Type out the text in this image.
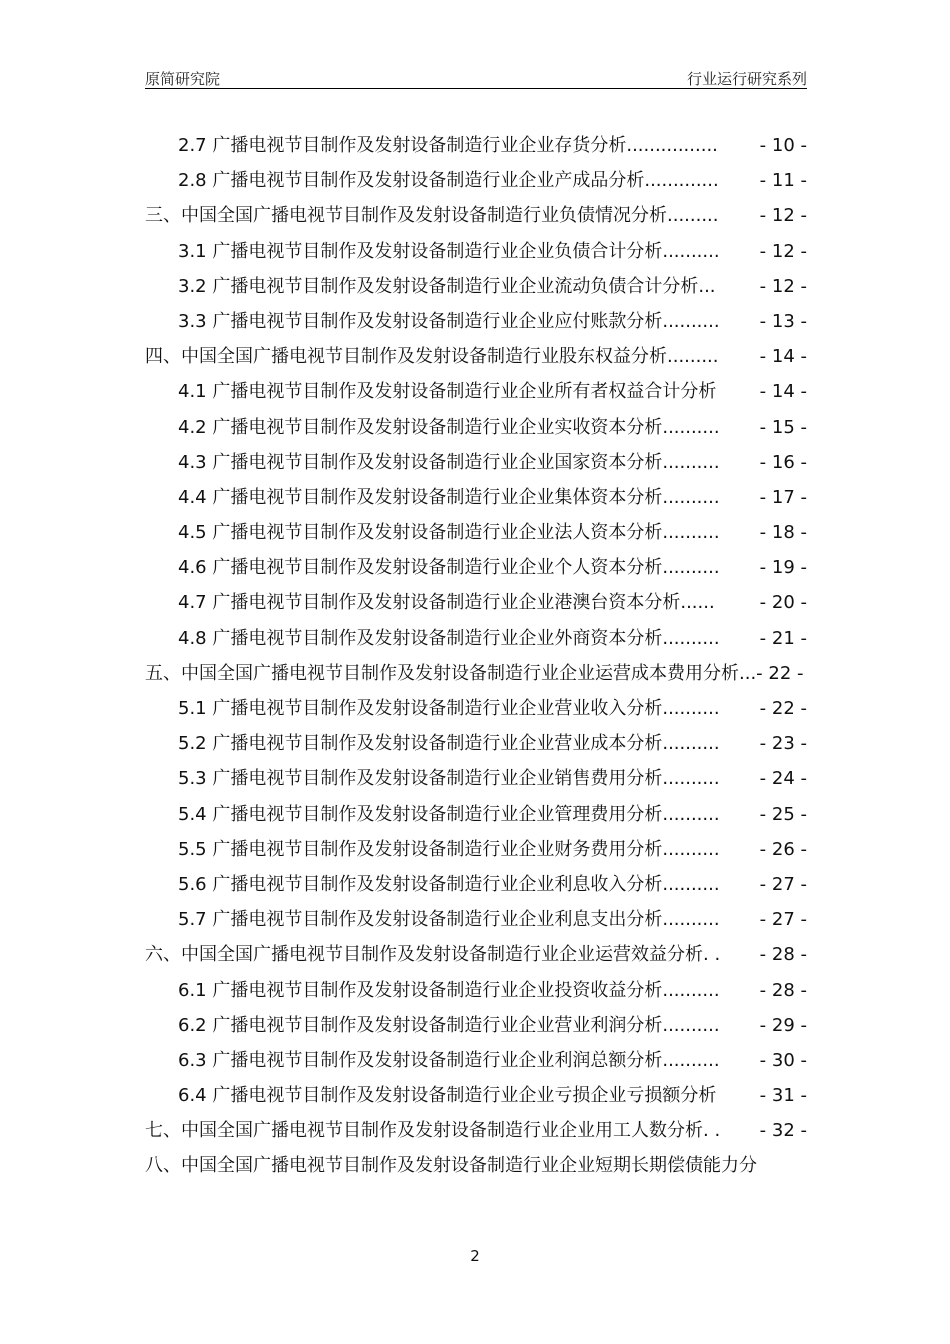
原简研究院	行业运行研究系列
2.7 广播电视节目制作及发射设备制造行业企业存货分析................ - 10 -
2.8 广播电视节目制作及发射设备制造行业企业产成品分析............. - 11 -
三、中国全国广播电视节目制作及发射设备制造行业负债情况分析......... - 12 -
3.1 广播电视节目制作及发射设备制造行业企业负债合计分析.......... - 12 -
3.2 广播电视节目制作及发射设备制造行业企业流动负债合计分析... - 12 -
3.3 广播电视节目制作及发射设备制造行业企业应付账款分析.......... - 13 -
四、中国全国广播电视节目制作及发射设备制造行业股东权益分析......... - 14 -
4.1 广播电视节目制作及发射设备制造行业企业所有者权益合计分析 - 14 -
4.2 广播电视节目制作及发射设备制造行业企业实收资本分析.......... - 15 -
4.3 广播电视节目制作及发射设备制造行业企业国家资本分析.......... - 16 -
4.4 广播电视节目制作及发射设备制造行业企业集体资本分析.......... - 17 -
4.5 广播电视节目制作及发射设备制造行业企业法人资本分析.......... - 18 -
4.6 广播电视节目制作及发射设备制造行业企业个人资本分析.......... - 19 -
4.7 广播电视节目制作及发射设备制造行业企业港澳台资本分析...... - 20 -
4.8 广播电视节目制作及发射设备制造行业企业外商资本分析.......... - 21 -
五、中国全国广播电视节目制作及发射设备制造行业企业运营成本费用分析...- 22 -
5.1 广播电视节目制作及发射设备制造行业企业营业收入分析.......... - 22 -
5.2 广播电视节目制作及发射设备制造行业企业营业成本分析.......... - 23 -
5.3 广播电视节目制作及发射设备制造行业企业销售费用分析.......... - 24 -
5.4 广播电视节目制作及发射设备制造行业企业管理费用分析.......... - 25 -
5.5 广播电视节目制作及发射设备制造行业企业财务费用分析.......... - 26 -
5.6 广播电视节目制作及发射设备制造行业企业利息收入分析.......... - 27 -
5.7 广播电视节目制作及发射设备制造行业企业利息支出分析.......... - 27 -
六、中国全国广播电视节目制作及发射设备制造行业企业运营效益分析. . - 28 -
6.1 广播电视节目制作及发射设备制造行业企业投资收益分析.......... - 28 -
6.2 广播电视节目制作及发射设备制造行业企业营业利润分析.......... - 29 -
6.3 广播电视节目制作及发射设备制造行业企业利润总额分析.......... - 30 -
6.4 广播电视节目制作及发射设备制造行业企业亏损企业亏损额分析 - 31 -
七、中国全国广播电视节目制作及发射设备制造行业企业用工人数分析. . - 32 -
八、中国全国广播电视节目制作及发射设备制造行业企业短期长期偿债能力分
2
